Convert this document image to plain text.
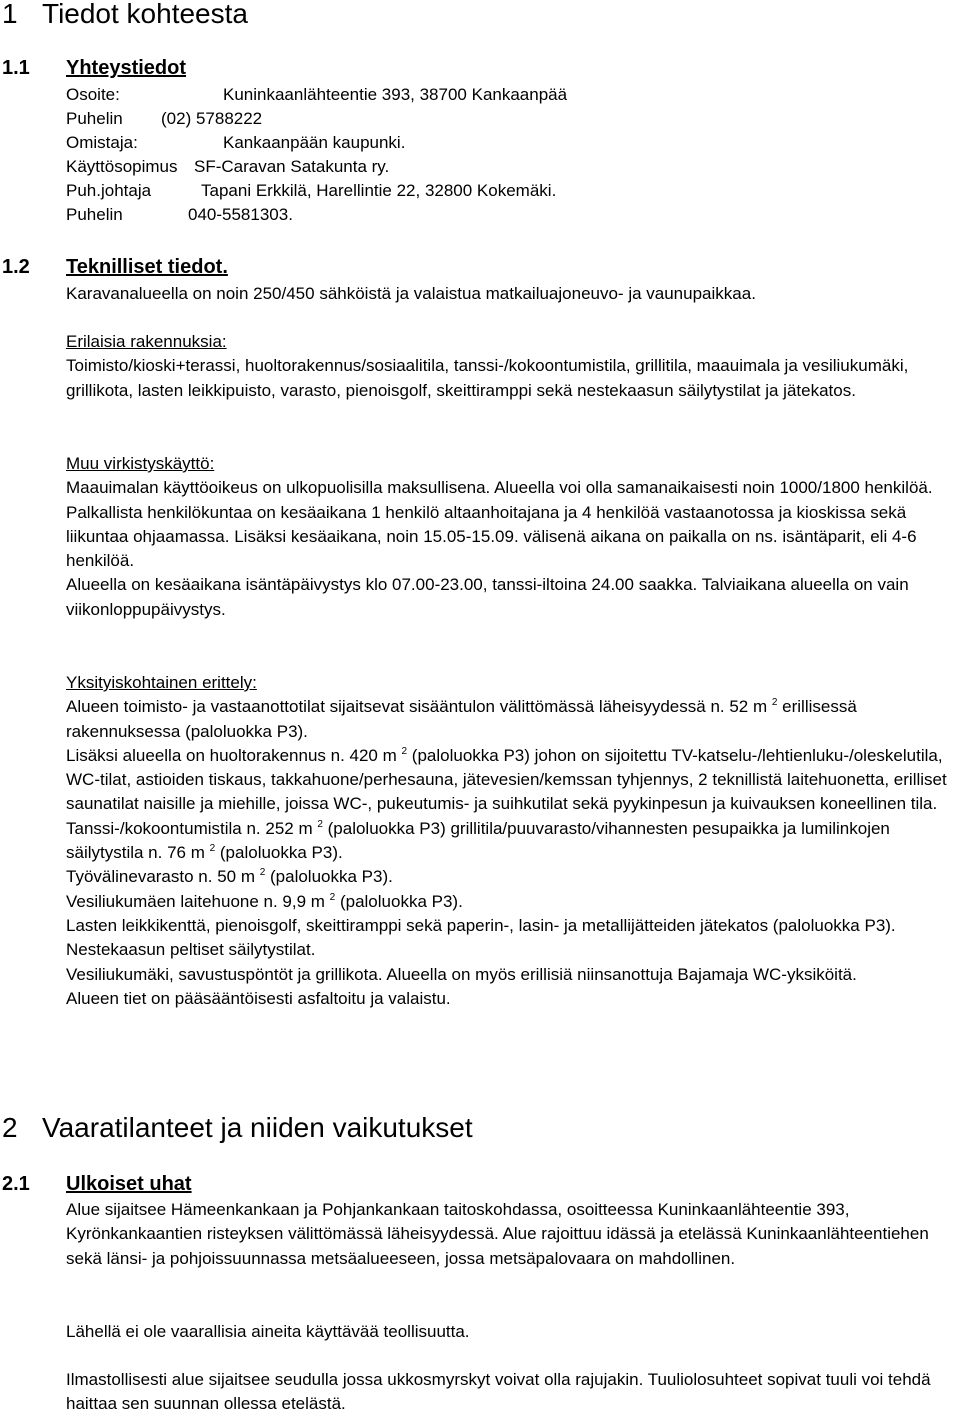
1 Tiedot kohteesta
1.1 Yhteystiedot
Osoite:	Kuninkaanlähteentie 393, 38700 Kankaanpää
Puhelin (02) 5788222
Omistaja:	Kankaanpään kaupunki.
Käyttösopimus SF-Caravan Satakunta ry.
Puh.johtaja	Tapani Erkkilä, Harellintie 22, 32800 Kokemäki.
Puhelin	040-5581303.
1.2 Teknilliset tiedot.
Karavanalueella on noin 250/450 sähköistä ja valaistua matkailuajoneuvo- ja vaunupaikkaa.

Erilaisia rakennuksia:

Toimisto/kioski+terassi, huoltorakennus/sosiaalitila, tanssi-/kokoontumistila, grillitila, maauimala ja vesiliukumäki, grillikota, lasten leikkipuisto, varasto, pienoisgolf, skeittiramppi sekä nestekaasun säilytystilat ja jätekatos.

Muu virkistyskäyttö:

Maauimalan käyttöoikeus on ulkopuolisilla maksullisena. Alueella voi olla samanaikaisesti noin 1000/1800 henkilöä.

Palkallista henkilökuntaa on kesäaikana 1 henkilö altaanhoitajana ja 4 henkilöä vastaanotossa ja kioskissa sekä liikuntaa ohjaamassa. Lisäksi kesäaikana, noin 15.05-15.09. välisenä aikana on paikalla on ns. isäntäparit, eli 4-6 henkilöä.

Alueella on kesäaikana isäntäpäivystys klo 07.00-23.00, tanssi-iltoina 24.00 saakka. Talviaikana alueella on vain viikonloppupäivystys.

Yksityiskohtainen erittely:

Alueen toimisto- ja vastaanottotilat sijaitsevat sisääntulon välittömässä läheisyydessä n. 52 m $^2$ erillisessä rakennuksessa (paloluokka P3).

Lisäksi alueella on huoltorakennus n. 420 m $^2$ (paloluokka P3) johon on sijoitettu TV-katselu-/lehtienluku-/oleskelutila, WC-tilat, astioiden tiskaus, takkahuone/perhesauna, jätevesien/kemssan tyhjennys, 2 teknillistä laitehuonetta, erilliset saunatilat naisille ja miehille, joissa WC-, pukeutumis- ja suihkutilat sekä pyykinpesun ja kuivauksen koneellinen tila.

Tanssi-/kokoontumistila n. 252 m $^2$ (paloluokka P3) grillitila/puuvarasto/vihannesten pesupaikka ja lumilinkojen säilytystila n. 76 m $^2$ (paloluokka P3).

Työvälinevarasto n. 50 m $^2$ (paloluokka P3).

Vesiliukumäen laitehuone n. 9,9 m $^2$ (paloluokka P3).

Lasten leikkikenttä, pienoisgolf, skeittiramppi sekä paperin-, lasin- ja metallijätteiden jätekatos (paloluokka P3).

Nestekaasun peltiset säilytystilat.

Vesiliukumäki, savustuspöntöt ja grillikota. Alueella on myös erillisiä niinsanottuja Bajamaja WC-yksiköitä.

Alueen tiet on pääsääntöisesti asfaltoitu ja valaistu.

2 Vaaratilanteet ja niiden vaikutukset
2.1 Ulkoiset uhat

Alue sijaitsee Hämeenkankaan ja Pohjankankaan taitoskohdassa, osoitteessa Kuninkaanlähteentie 393, Kyrönkankaantien risteyksen välittömässä läheisyydessä. Alue rajoittuu idässä ja etelässä Kuninkaanlähteentiehen sekä länsi- ja pohjoissuunnassa metsäalueeseen, jossa metsäpalovaara on mahdollinen.

Lähellä ei ole vaarallisia aineita käyttävää teollisuutta.

Ilmastollisesti alue sijaitsee seudulla jossa ukkosmyrskyt voivat olla rajujakin. Tuuliolosuhteet sopivat tuuli voi tehdä haittaa sen suunnan ollessa etelästä.
